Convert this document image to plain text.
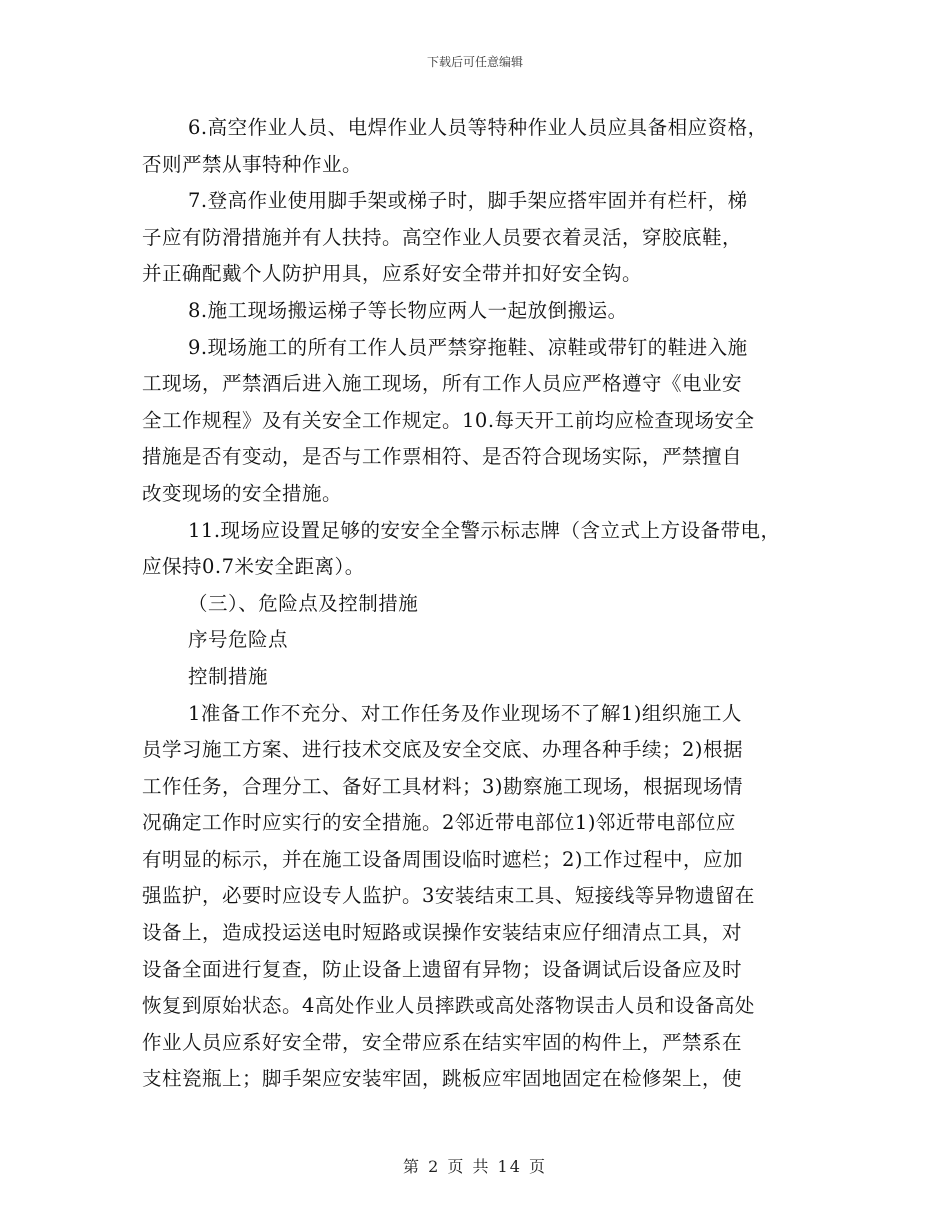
下载后可任意编辑
6.高空作业人员、电焊作业人员等特种作业人员应具备相应资格，
否则严禁从事特种作业。
7.登高作业使用脚手架或梯子时，脚手架应搭牢固并有栏杆，梯
子应有防滑措施并有人扶持。高空作业人员要衣着灵活，穿胶底鞋，
并正确配戴个人防护用具，应系好安全带并扣好安全钩。
8.施工现场搬运梯子等长物应两人一起放倒搬运。
9.现场施工的所有工作人员严禁穿拖鞋、凉鞋或带钉的鞋进入施
工现场，严禁酒后进入施工现场，所有工作人员应严格遵守《电业安
全工作规程》及有关安全工作规定。10.每天开工前均应检查现场安全
措施是否有变动，是否与工作票相符、是否符合现场实际，严禁擅自
改变现场的安全措施。
11.现场应设置足够的安安全全警示标志牌（含立式上方设备带电，
应保持0.7米安全距离）。
（三）、危险点及控制措施
序号危险点
控制措施
1准备工作不充分、对工作任务及作业现场不了解1)组织施工人
员学习施工方案、进行技术交底及安全交底、办理各种手续；2)根据
工作任务，合理分工、备好工具材料；3)勘察施工现场，根据现场情
况确定工作时应实行的安全措施。2邻近带电部位1)邻近带电部位应
有明显的标示，并在施工设备周围设临时遮栏；2)工作过程中，应加
强监护，必要时应设专人监护。3安装结束工具、短接线等异物遗留在
设备上，造成投运送电时短路或误操作安装结束应仔细清点工具，对
设备全面进行复查，防止设备上遗留有异物；设备调试后设备应及时
恢复到原始状态。4高处作业人员摔跌或高处落物误击人员和设备高处
作业人员应系好安全带，安全带应系在结实牢固的构件上，严禁系在
支柱瓷瓶上；脚手架应安装牢固，跳板应牢固地固定在检修架上，使
第 2 页 共 14 页
